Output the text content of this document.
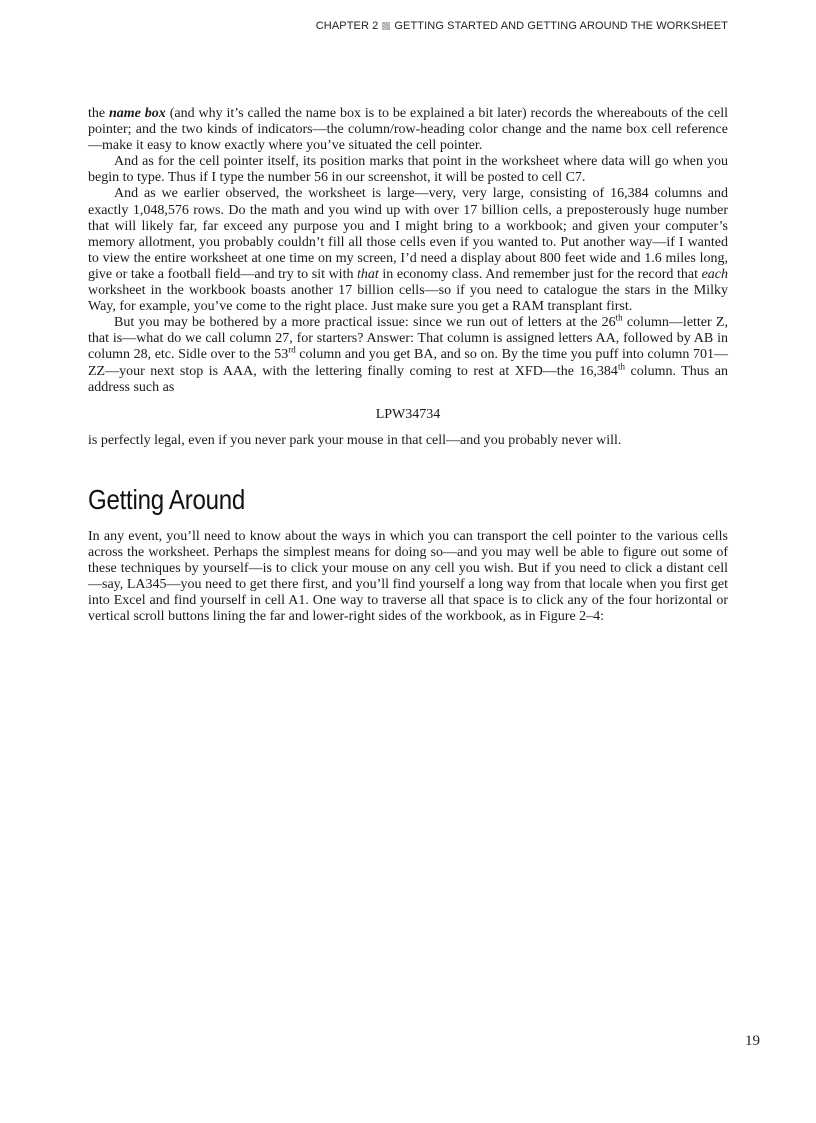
CHAPTER 2 GETTING STARTED AND GETTING AROUND THE WORKSHEET

the name box (and why it’s called the name box is to be explained a bit later) records the whereabouts of the cell pointer; and the two kinds of indicators—the column/row-heading color change and the name box cell reference—make it easy to know exactly where you’ve situated the cell pointer.

And as for the cell pointer itself, its position marks that point in the worksheet where data will go when you begin to type. Thus if I type the number 56 in our screenshot, it will be posted to cell C7.

And as we earlier observed, the worksheet is large—very, very large, consisting of 16,384 columns and exactly 1,048,576 rows. Do the math and you wind up with over 17 billion cells, a preposterously huge number that will likely far, far exceed any purpose you and I might bring to a workbook; and given your computer’s memory allotment, you probably couldn’t fill all those cells even if you wanted to. Put another way—if I wanted to view the entire worksheet at one time on my screen, I’d need a display about 800 feet wide and 1.6 miles long, give or take a football field—and try to sit with that in economy class. And remember just for the record that each worksheet in the workbook boasts another 17 billion cells—so if you need to catalogue the stars in the Milky Way, for example, you’ve come to the right place. Just make sure you get a RAM transplant first.

But you may be bothered by a more practical issue: since we run out of letters at the 26th column—letter Z, that is—what do we call column 27, for starters? Answer: That column is assigned letters AA, followed by AB in column 28, etc. Sidle over to the 53rd column and you get BA, and so on. By the time you puff into column 701—ZZ—your next stop is AAA, with the lettering finally coming to rest at XFD—the 16,384th column. Thus an address such as

LPW34734

is perfectly legal, even if you never park your mouse in that cell—and you probably never will.

Getting Around

In any event, you’ll need to know about the ways in which you can transport the cell pointer to the various cells across the worksheet. Perhaps the simplest means for doing so—and you may well be able to figure out some of these techniques by yourself—is to click your mouse on any cell you wish. But if you need to click a distant cell—say, LA345—you need to get there first, and you’ll find yourself a long way from that locale when you first get into Excel and find yourself in cell A1. One way to traverse all that space is to click any of the four horizontal or vertical scroll buttons lining the far and lower-right sides of the workbook, as in Figure 2–4:

19
